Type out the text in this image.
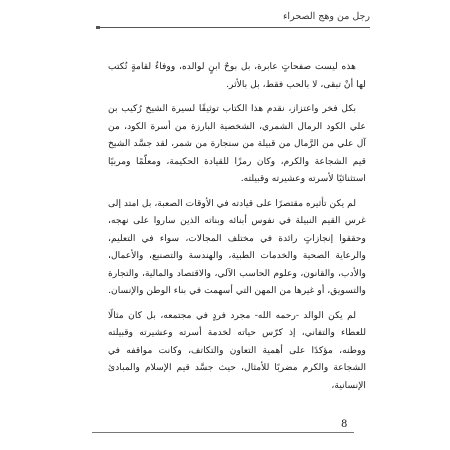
رجل من وهج الصحراء

هذه ليست صفحاتٍ عابرة، بل بوحٌ ابنٍ لوالده، ووفاءٌ لقامةٍ تُكتب لها أنْ تبقى، لا بالحب فقط، بل بالأثر.

بكل فخر واعتزاز، نقدم هذا الكتاب توثيقًا لسيرة الشيخ رُكيب بن علي الكود الرمال الشمري، الشخصية البارزة من أسرة الكود، من آل علي من الرَّمال من قبيلة من سنجارة من شمر، لقد جسَّد الشيخ قيم الشجاعة والكرم، وكان رمزًا للقيادة الحكيمة، ومعلّمًا ومربيًا استثنائيًا لأسرته وعشيرته وقبيلته.

لم يكن تأثيره مقتصرًا على قيادته في الأوقات الصعبة، بل امتد إلى غرس القيم النبيلة في نفوس أبنائه وبناته الذين ساروا على نهجه، وحققوا إنجازاتٍ رائدة في مختلف المجالات، سواء في التعليم، والرعاية الصحية والخدمات الطبية، والهندسة والتصنيع، والأعمال، والأدب، والقانون، وعلوم الحاسب الآلي، والاقتصاد والمالية، والتجارة والتسويق، أو غيرها من المهن التي أسهمت في بناء الوطن والإنسان.

لم يكن الوالد -رحمه الله- مجرد فردٍ في مجتمعه، بل كان مثالًا للعطاء والتفاني، إذ كرّس حياته لخدمة أسرته وعشيرته وقبيلته ووطنه، مؤكدًا على أهمية التعاون والتكاتف، وكانت مواقفه في الشجاعة والكرم مضربًا للأمثال، حيث جسَّد قيم الإسلام والمبادئ الإنسانية،

8
